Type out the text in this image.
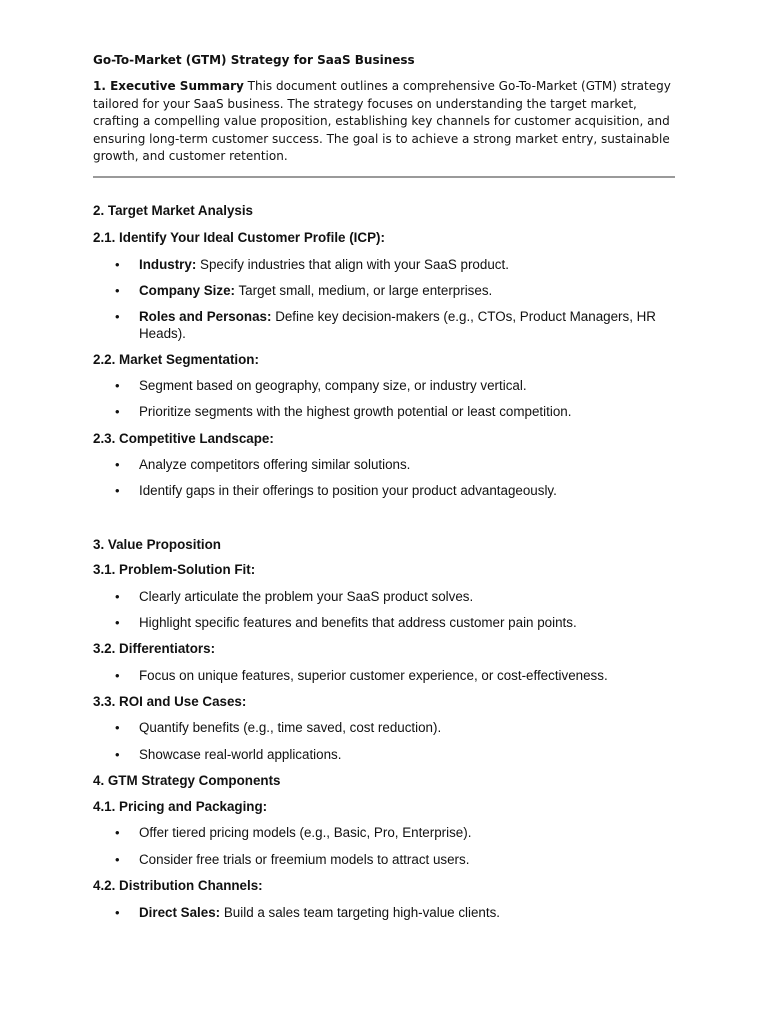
Go-To-Market (GTM) Strategy for SaaS Business
1. Executive Summary This document outlines a comprehensive Go-To-Market (GTM) strategy tailored for your SaaS business. The strategy focuses on understanding the target market, crafting a compelling value proposition, establishing key channels for customer acquisition, and ensuring long-term customer success. The goal is to achieve a strong market entry, sustainable growth, and customer retention.
2. Target Market Analysis
2.1. Identify Your Ideal Customer Profile (ICP):
• Industry: Specify industries that align with your SaaS product.
• Company Size: Target small, medium, or large enterprises.
• Roles and Personas: Define key decision-makers (e.g., CTOs, Product Managers, HR Heads).
2.2. Market Segmentation:
• Segment based on geography, company size, or industry vertical.
• Prioritize segments with the highest growth potential or least competition.
2.3. Competitive Landscape:
• Analyze competitors offering similar solutions.
• Identify gaps in their offerings to position your product advantageously.
3. Value Proposition
3.1. Problem-Solution Fit:
• Clearly articulate the problem your SaaS product solves.
• Highlight specific features and benefits that address customer pain points.
3.2. Differentiators:
• Focus on unique features, superior customer experience, or cost-effectiveness.
3.3. ROI and Use Cases:
• Quantify benefits (e.g., time saved, cost reduction).
• Showcase real-world applications.
4. GTM Strategy Components
4.1. Pricing and Packaging:
• Offer tiered pricing models (e.g., Basic, Pro, Enterprise).
• Consider free trials or freemium models to attract users.
4.2. Distribution Channels:
• Direct Sales: Build a sales team targeting high-value clients.
